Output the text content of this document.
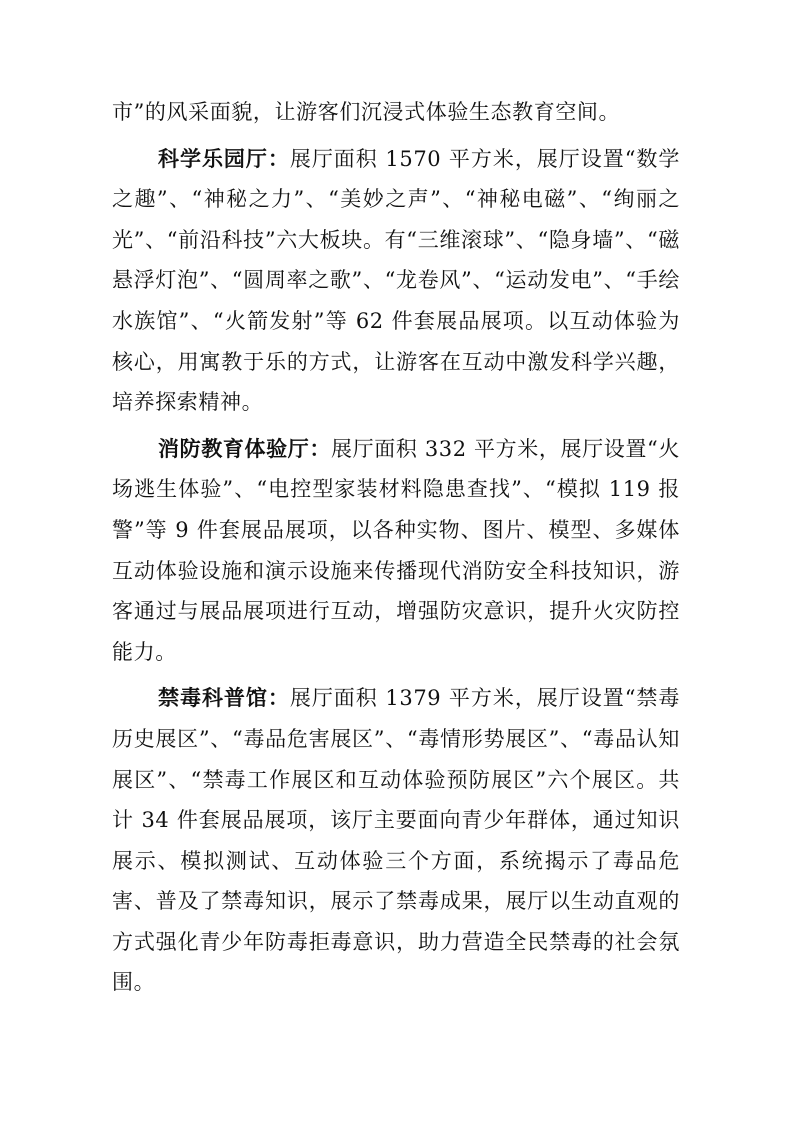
市”的风采面貌，让游客们沉浸式体验生态教育空间。

科学乐园厅：展厅面积 1570 平方米，展厅设置“数学之趣”、“神秘之力”、“美妙之声”、“神秘电磁”、“绚丽之光”、“前沿科技”六大板块。有“三维滚球”、“隐身墙”、“磁悬浮灯泡”、“圆周率之歌”、“龙卷风”、“运动发电”、“手绘水族馆”、“火箭发射”等 62 件套展品展项。以互动体验为核心，用寓教于乐的方式，让游客在互动中激发科学兴趣，培养探索精神。

消防教育体验厅：展厅面积 332 平方米，展厅设置“火场逃生体验”、“电控型家装材料隐患查找”、“模拟 119 报警”等 9 件套展品展项，以各种实物、图片、模型、多媒体互动体验设施和演示设施来传播现代消防安全科技知识，游客通过与展品展项进行互动，增强防灾意识，提升火灾防控能力。

禁毒科普馆：展厅面积 1379 平方米，展厅设置“禁毒历史展区”、“毒品危害展区”、“毒情形势展区”、“毒品认知展区”、“禁毒工作展区和互动体验预防展区”六个展区。共计 34 件套展品展项，该厅主要面向青少年群体，通过知识展示、模拟测试、互动体验三个方面，系统揭示了毒品危害、普及了禁毒知识，展示了禁毒成果，展厅以生动直观的方式强化青少年防毒拒毒意识，助力营造全民禁毒的社会氛围。
